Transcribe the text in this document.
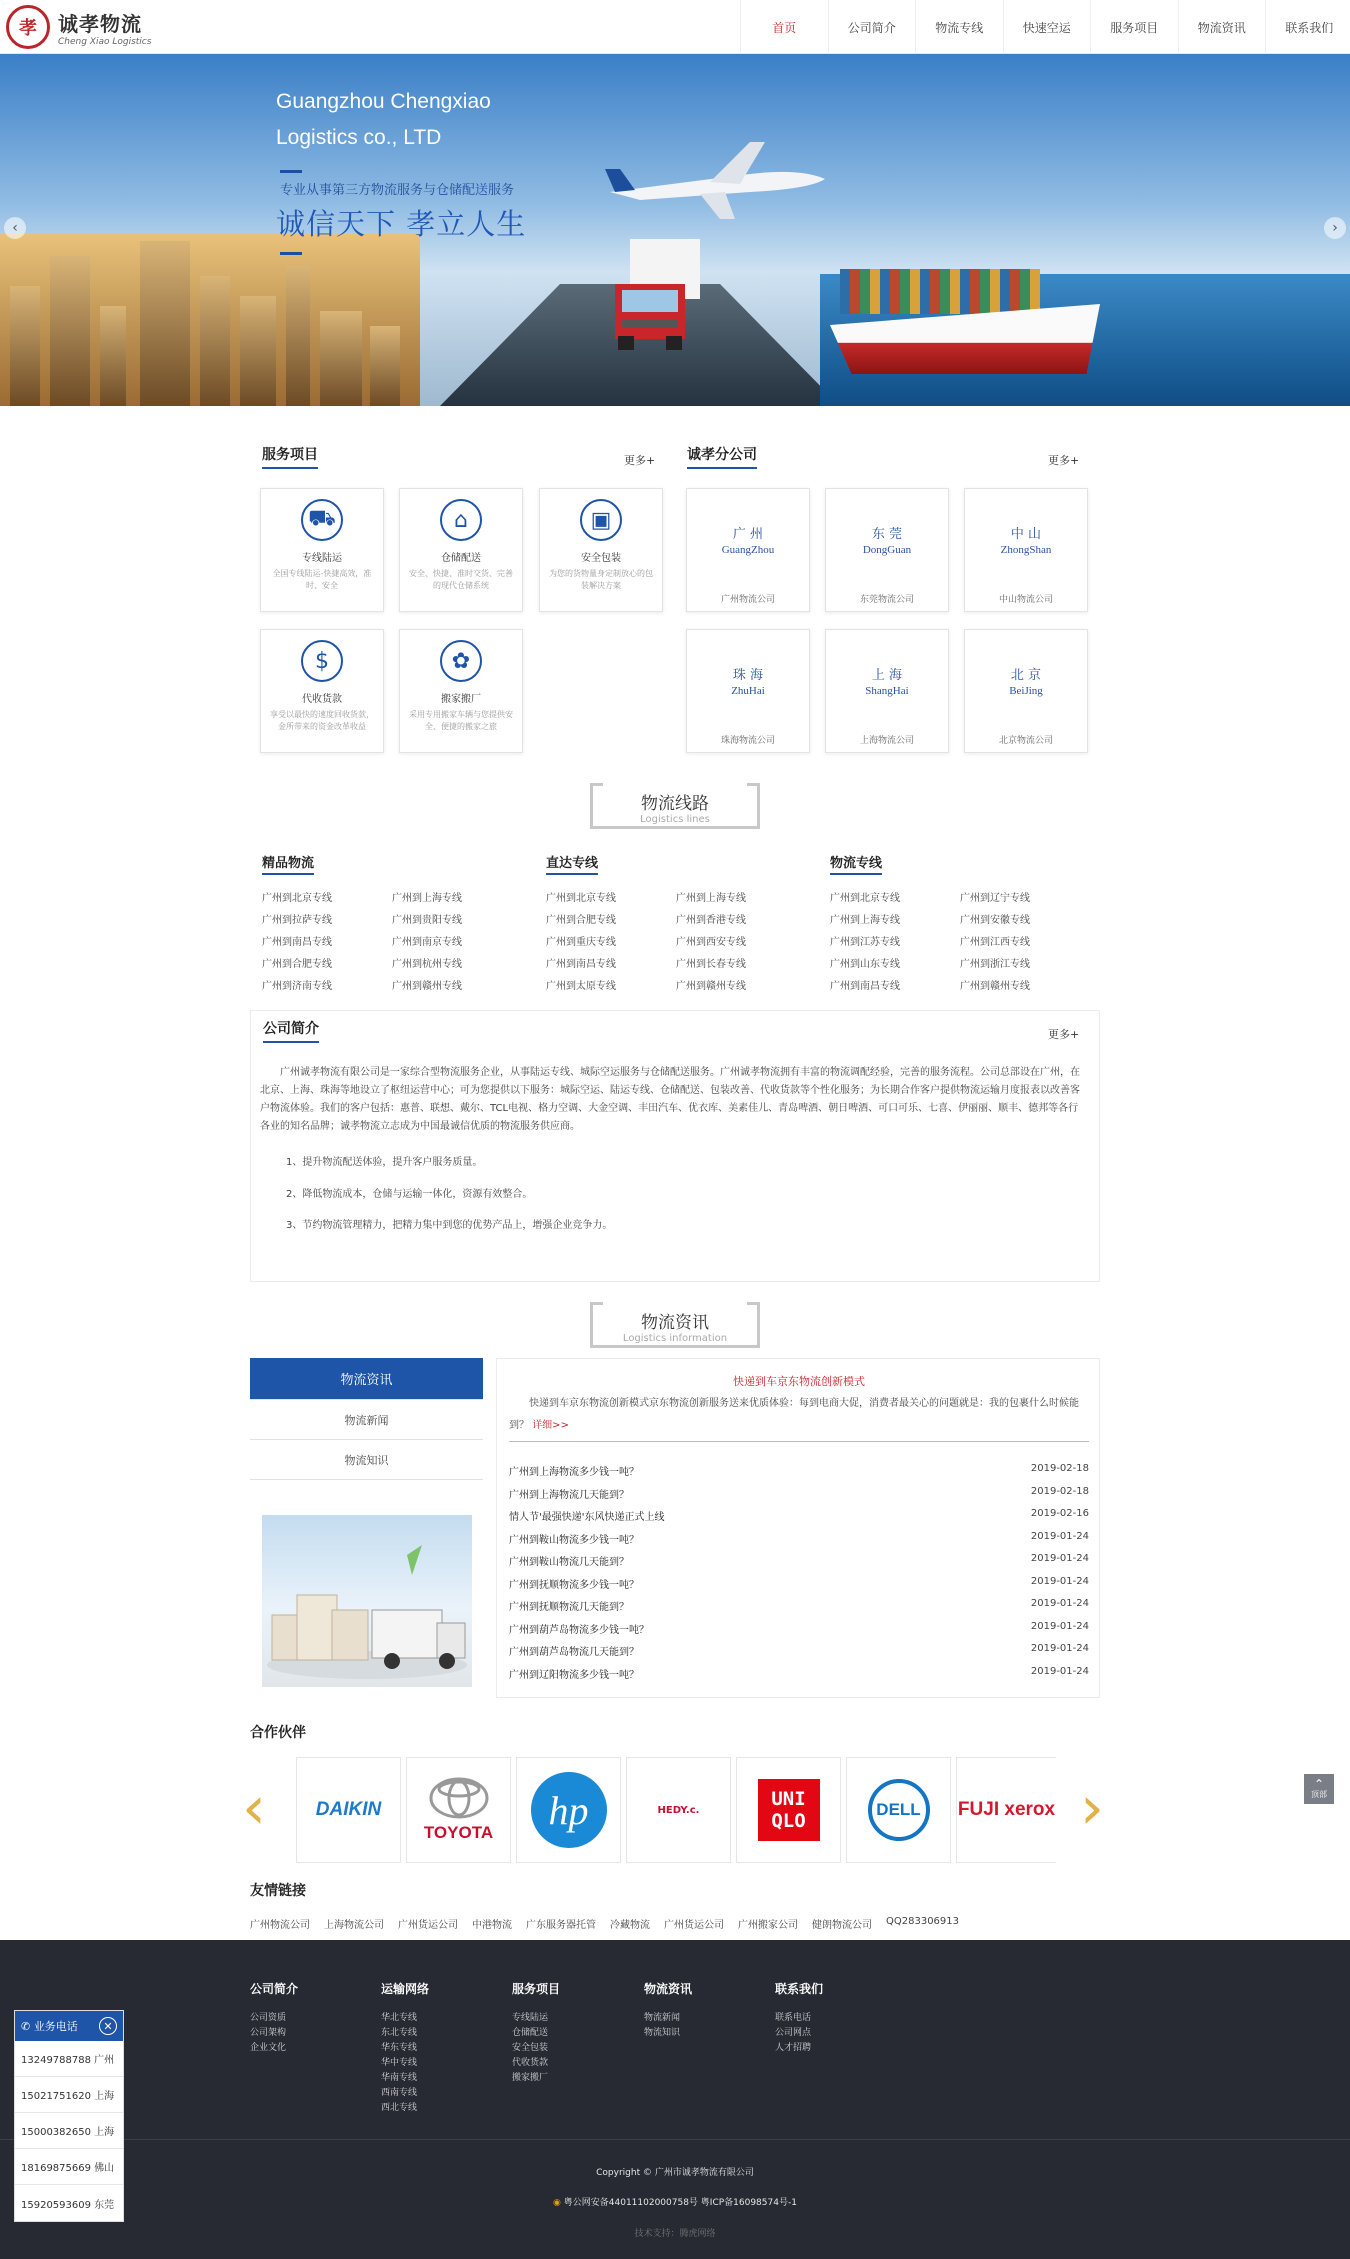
孝	诚孝物流
Cheng Xiao Logistics
首页	公司简介	物流专线	快速空运	服务项目	物流资讯	联系我们
Guangzhou Chengxiao
Logistics co., LTD
专业从事第三方物流服务与仓储配送服务
诚信天下 孝立人生
‹	›
服务项目	更多+
⛟
专线陆运
全国专线陆运-快捷高效，准时、安全
⌂
仓储配送
安全、快捷、准时交货、完善的现代仓储系统
▣
安全包装
为您的货物量身定制放心的包装解决方案
$
代收货款
享受以最快的速度回收货款，金所带来的资金改革收益
✿
搬家搬厂
采用专用搬家车辆与您提供安全、便捷的搬家之旅
诚孝分公司	更多+
广 州
GuangZhou
广州物流公司
东 莞
DongGuan
东莞物流公司
中 山
ZhongShan
中山物流公司
珠 海
ZhuHai
珠海物流公司
上 海
ShangHai
上海物流公司
北 京
BeiJing
北京物流公司
物流线路
Logistics lines
精品物流
广州到北京专线	广州到上海专线
广州到拉萨专线	广州到贵阳专线
广州到南昌专线	广州到南京专线
广州到合肥专线	广州到杭州专线
广州到济南专线	广州到赣州专线
直达专线
广州到北京专线	广州到上海专线
广州到合肥专线	广州到香港专线
广州到重庆专线	广州到西安专线
广州到南昌专线	广州到长春专线
广州到太原专线	广州到赣州专线
物流专线
广州到北京专线	广州到辽宁专线
广州到上海专线	广州到安徽专线
广州到江苏专线	广州到江西专线
广州到山东专线	广州到浙江专线
广州到南昌专线	广州到赣州专线
公司简介	更多+
广州诚孝物流有限公司是一家综合型物流服务企业，从事陆运专线、城际空运服务与仓储配送服务。广州诚孝物流拥有丰富的物流调配经验，完善的服务流程。公司总部设在广州，在北京、上海、珠海等地设立了枢纽运营中心；可为您提供以下服务：城际空运、陆运专线、仓储配送、包装改善、代收货款等个性化服务；为长期合作客户提供物流运输月度报表以改善客户物流体验。我们的客户包括：惠普、联想、戴尔、TCL电视、格力空调、大金空调、丰田汽车、优衣库、美素佳儿、青岛啤酒、朝日啤酒、可口可乐、七喜、伊丽丽、顺丰、德邦等各行各业的知名品牌；诚孝物流立志成为中国最诚信优质的物流服务供应商。
1、提升物流配送体验，提升客户服务质量。
2、降低物流成本，仓储与运输一体化，资源有效整合。
3、节约物流管理精力，把精力集中到您的优势产品上，增强企业竞争力。
物流资讯
Logistics information
物流资讯
物流新闻
物流知识
快递到车京东物流创新模式
快递到车京东物流创新模式京东物流创新服务送来优质体验：每到电商大促，消费者最关心的问题就是：我的包裹什么时候能到？ 详细>>
广州到上海物流多少钱一吨？	2019-02-18
广州到上海物流几天能到？	2019-02-18
情人节'最强快递'东风快递正式上线	2019-02-16
广州到鞍山物流多少钱一吨？	2019-01-24
广州到鞍山物流几天能到？	2019-01-24
广州到抚顺物流多少钱一吨？	2019-01-24
广州到抚顺物流几天能到？	2019-01-24
广州到葫芦岛物流多少钱一吨？	2019-01-24
广州到葫芦岛物流几天能到？	2019-01-24
广州到辽阳物流多少钱一吨？	2019-01-24
合作伙伴
‹	›
DAIKIN
TOYOTA hp	HEDY.c.	UNI QLO
DELL FUJI xerox
友情链接
广州物流公司 上海物流公司 广州货运公司 中港物流 广东服务器托管 冷藏物流 广州货运公司 广州搬家公司 健朗物流公司 QQ283306913
公司简介
公司资质
公司架构
企业文化
运输网络
华北专线
东北专线
华东专线
华中专线
华南专线
西南专线
西北专线
服务项目
专线陆运
仓储配送
安全包装
代收货款
搬家搬厂
物流资讯
物流新闻
物流知识
联系我们
联系电话
公司网点
人才招聘
Copyright © 广州市诚孝物流有限公司
◉ 粤公网安备44011102000758号 粤ICP备16098574号-1
技术支持：腾虎网络
✆ 业务电话	✕
13249788788 广州
15021751620 上海
15000382650 上海
18169875669 佛山
15920593609 东莞
⌃
顶部
